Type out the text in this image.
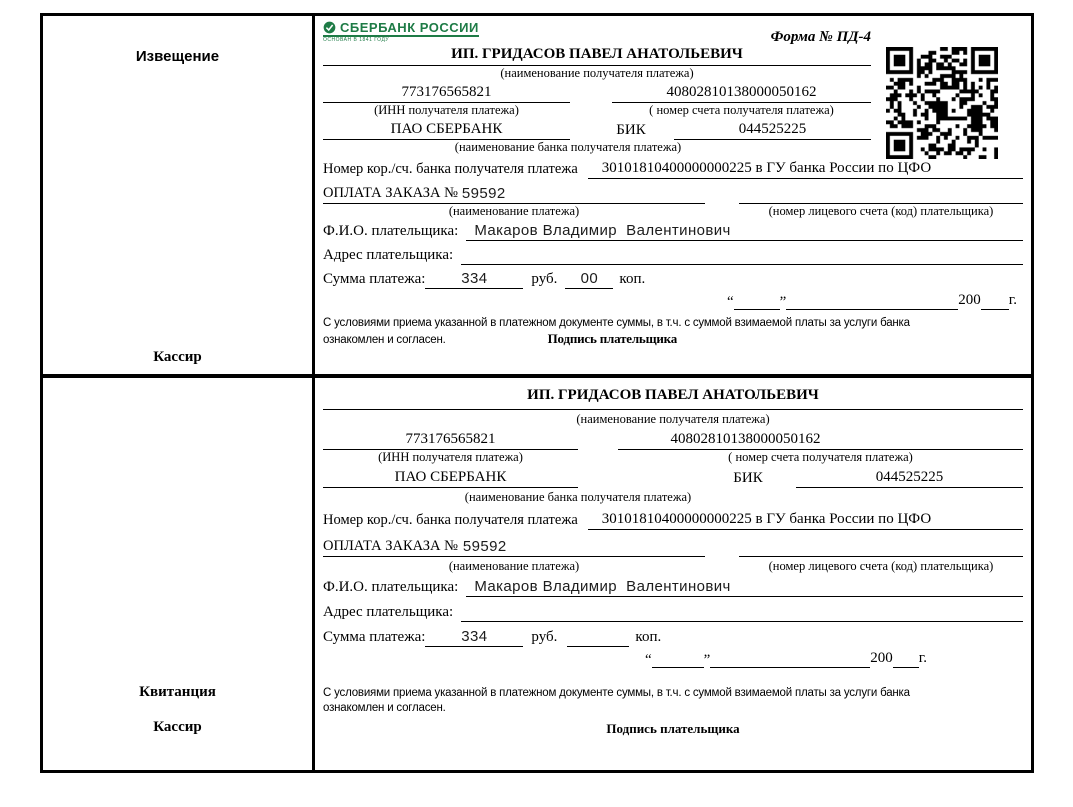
Извещение
Кассир
СБЕРБАНК РОССИИ
ОСНОВАН В 1841 ГОДУ	Форма № ПД-4
ИП. ГРИДАСОВ ПАВЕЛ АНАТОЛЬЕВИЧ
(наименование получателя платежа)
773176565821	40802810138000050162
(ИНН получателя платежа)	( номер счета получателя платежа)
ПАО СБЕРБАНК	БИК	044525225
(наименование банка получателя платежа)
Номер кор./сч. банка получателя платежа	30101810400000000225 в ГУ банка России по ЦФО
ОПЛАТА ЗАКАЗА № 59592
(наименование платежа)	(номер лицевого счета (код) плательщика)
Ф.И.О. плательщика:	Макаров Владимир  Валентинович
Адрес плательщика:
Сумма платежа:	334	руб.	00	коп.
“	”	200 г.
С условиями приема указанной в платежном документе суммы, в т.ч. с суммой взимаемой платы за услуги банка
ознакомлен и согласен.	Подпись плательщика
Квитанция
Кассир
ИП. ГРИДАСОВ ПАВЕЛ АНАТОЛЬЕВИЧ
(наименование получателя платежа)
773176565821	40802810138000050162
(ИНН получателя платежа)	( номер счета получателя платежа)
ПАО СБЕРБАНК	БИК	044525225
(наименование банка получателя платежа)
Номер кор./сч. банка получателя платежа	30101810400000000225 в ГУ банка России по ЦФО
ОПЛАТА ЗАКАЗА № 59592
(наименование платежа)	(номер лицевого счета (код) плательщика)
Ф.И.О. плательщика:	Макаров Владимир  Валентинович
Адрес плательщика:
Сумма платежа:	334	руб.	коп.
“	”	200 г.
С условиями приема указанной в платежном документе суммы, в т.ч. с суммой взимаемой платы за услуги банка
ознакомлен и согласен.
Подпись плательщика
